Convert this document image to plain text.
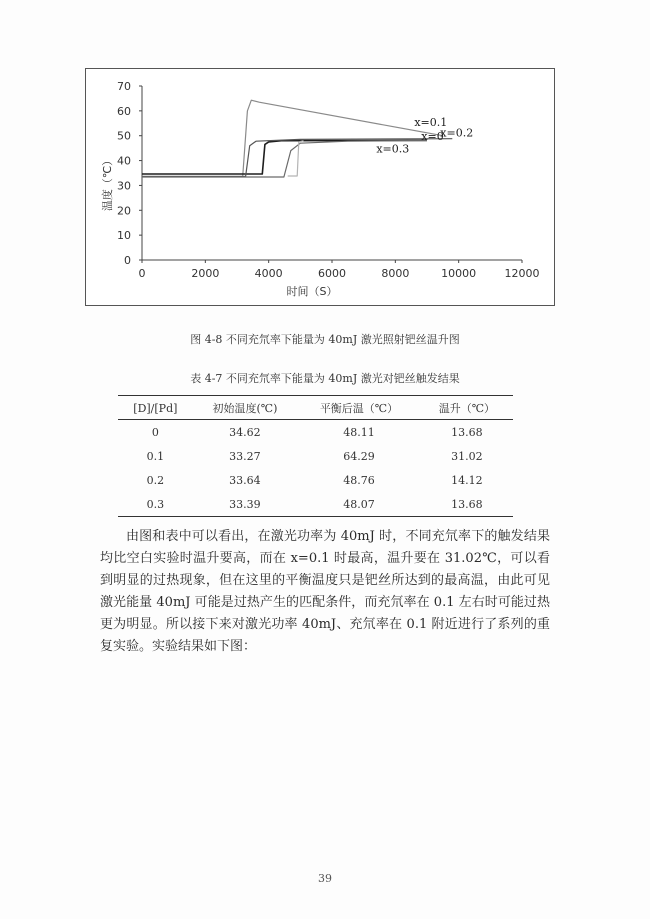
0
10
20
30
40
50
60
70
0	2000	4000	6000	8000	10000	12000
时间（S）
温度（℃）
x=0.1
x=0
x=0.2
x=0.3
图 4-8 不同充氘率下能量为 40mJ 激光照射钯丝温升图
表 4-7 不同充氘率下能量为 40mJ 激光对钯丝触发结果
[D]/[Pd]	初始温度(℃)	平衡后温（℃）	温升（℃）
0	34.62	48.11	13.68
0.1	33.27	64.29	31.02
0.2	33.64	48.76	14.12
0.3	33.39	48.07	13.68

由图和表中可以看出，在激光功率为 40mJ 时，不同充氘率下的触发结果均比空白实验时温升要高，而在 x=0.1 时最高，温升要在 31.02℃，可以看到明显的过热现象，但在这里的平衡温度只是钯丝所达到的最高温，由此可见激光能量 40mJ 可能是过热产生的匹配条件，而充氘率在 0.1 左右时可能过热更为明显。所以接下来对激光功率 40mJ、充氘率在 0.1 附近进行了系列的重复实验。实验结果如下图：

39
